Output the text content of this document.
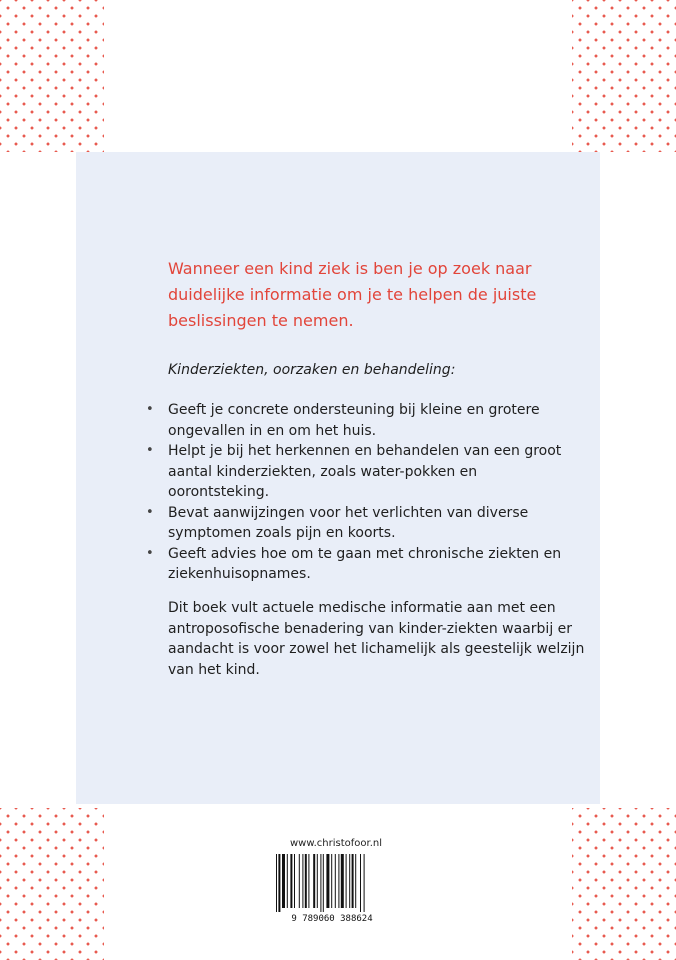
Wanneer een kind ziek is ben je op zoek naar duidelijke informatie om je te helpen de juiste beslissingen te nemen.

Kinderziekten, oorzaken en behandeling:

• Geeft je concrete ondersteuning bij kleine en grotere ongevallen in en om het huis.
• Helpt je bij het herkennen en behandelen van een groot aantal kinderziekten, zoals water-pokken en oorontsteking.
• Bevat aanwijzingen voor het verlichten van diverse symptomen zoals pijn en koorts.
• Geeft advies hoe om te gaan met chronische ziekten en ziekenhuisopnames.

Dit boek vult actuele medische informatie aan met een antroposofische benadering van kinder-ziekten waarbij er aandacht is voor zowel het lichamelijk als geestelijk welzijn van het kind.

www.christofoor.nl
9 789060 388624
